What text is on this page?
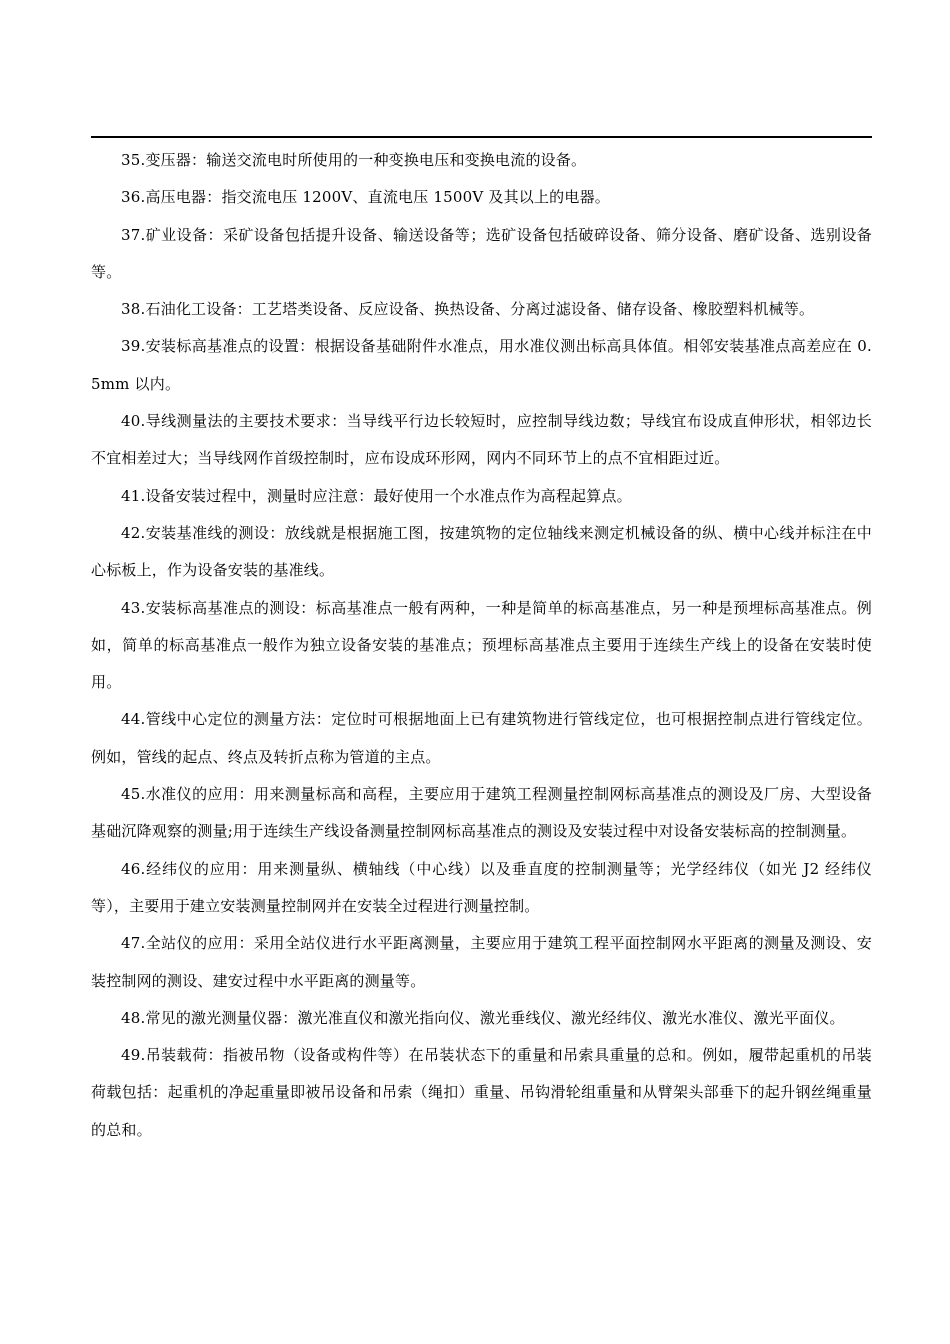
35.变压器：输送交流电时所使用的一种变换电压和变换电流的设备。

36.高压电器：指交流电压 1200V、直流电压 1500V 及其以上的电器。

37.矿业设备：采矿设备包括提升设备、输送设备等；选矿设备包括破碎设备、筛分设备、磨矿设备、选别设备等。

38.石油化工设备：工艺塔类设备、反应设备、换热设备、分离过滤设备、储存设备、橡胶塑料机械等。

39.安装标高基准点的设置：根据设备基础附件水准点，用水准仪测出标高具体值。相邻安装基准点高差应在 0.5mm 以内。

40.导线测量法的主要技术要求：当导线平行边长较短时，应控制导线边数；导线宜布设成直伸形状，相邻边长不宜相差过大；当导线网作首级控制时，应布设成环形网，网内不同环节上的点不宜相距过近。

41.设备安装过程中，测量时应注意：最好使用一个水准点作为高程起算点。

42.安装基准线的测设：放线就是根据施工图，按建筑物的定位轴线来测定机械设备的纵、横中心线并标注在中心标板上，作为设备安装的基准线。

43.安装标高基准点的测设：标高基准点一般有两种，一种是简单的标高基准点，另一种是预埋标高基准点。例如，简单的标高基准点一般作为独立设备安装的基准点；预埋标高基准点主要用于连续生产线上的设备在安装时使用。

44.管线中心定位的测量方法：定位时可根据地面上已有建筑物进行管线定位，也可根据控制点进行管线定位。例如，管线的起点、终点及转折点称为管道的主点。

45.水准仪的应用：用来测量标高和高程，主要应用于建筑工程测量控制网标高基准点的测设及厂房、大型设备基础沉降观察的测量;用于连续生产线设备测量控制网标高基准点的测设及安装过程中对设备安装标高的控制测量。

46.经纬仪的应用：用来测量纵、横轴线（中心线）以及垂直度的控制测量等；光学经纬仪（如光 J2 经纬仪等），主要用于建立安装测量控制网并在安装全过程进行测量控制。

47.全站仪的应用：采用全站仪进行水平距离测量，主要应用于建筑工程平面控制网水平距离的测量及测设、安装控制网的测设、建安过程中水平距离的测量等。

48.常见的激光测量仪器：激光准直仪和激光指向仪、激光垂线仪、激光经纬仪、激光水准仪、激光平面仪。

49.吊装载荷：指被吊物（设备或构件等）在吊装状态下的重量和吊索具重量的总和。例如，履带起重机的吊装荷载包括：起重机的净起重量即被吊设备和吊索（绳扣）重量、吊钩滑轮组重量和从臂架头部垂下的起升钢丝绳重量的总和。
